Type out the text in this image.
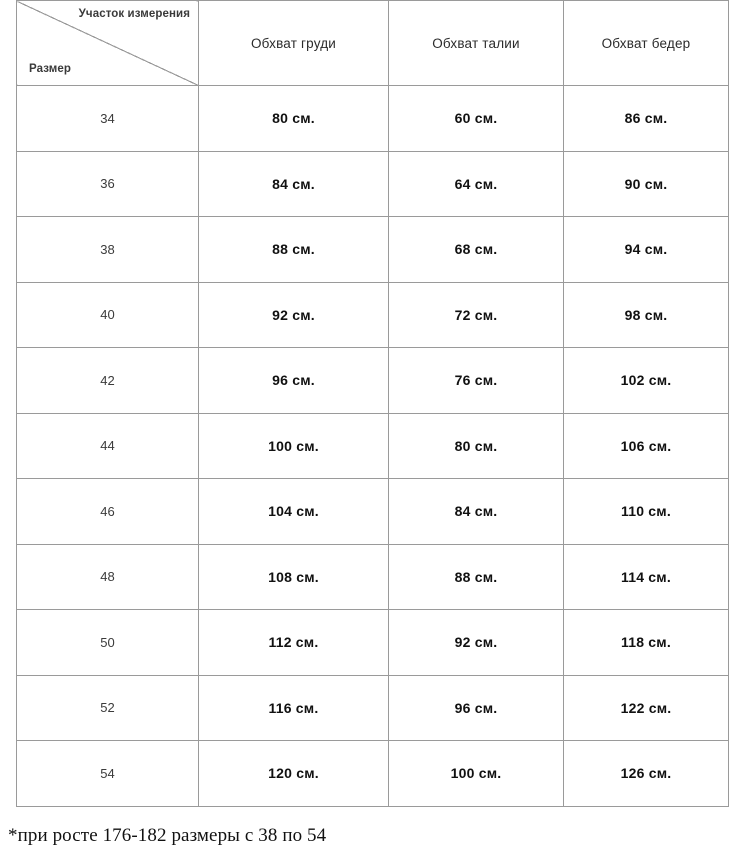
Участок измерения
Размер	Обхват груди	Обхват талии	Обхват бедер
34	80 см.	60 см.	86 см.
36	84 см.	64 см.	90 см.
38	88 см.	68 см.	94 см.
40	92 см.	72 см.	98 см.
42	96 см.	76 см.	102 см.
44	100 см.	80 см.	106 см.
46	104 см.	84 см.	110 см.
48	108 см.	88 см.	114 см.
50	112 см.	92 см.	118 см.
52	116 см.	96 см.	122 см.
54	120 см.	100 см.	126 см.
*при росте 176-182 размеры с 38 по 54
